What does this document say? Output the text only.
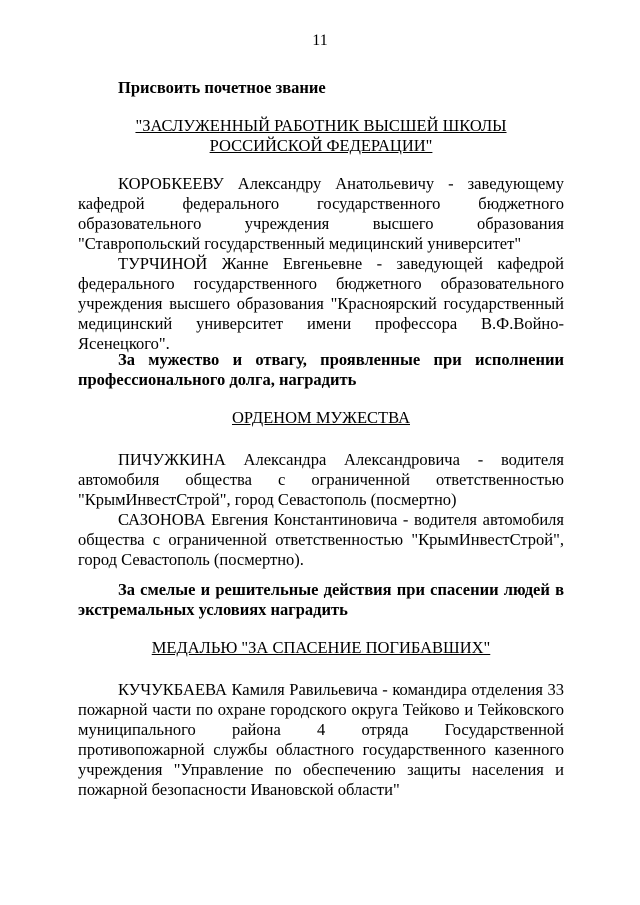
11
Присвоить почетное звание
"ЗАСЛУЖЕННЫЙ РАБОТНИК ВЫСШЕЙ ШКОЛЫ
РОССИЙСКОЙ ФЕДЕРАЦИИ"

КОРОБКЕЕВУ Александру Анатольевичу - заведующему кафедрой федерального государственного бюджетного образовательного учреждения высшего образования "Ставропольский государственный медицинский университет"

ТУРЧИНОЙ Жанне Евгеньевне - заведующей кафедрой федерального государственного бюджетного образовательного учреждения высшего образования "Красноярский государственный медицинский университет имени профессора В.Ф.Войно-Ясенецкого".

За мужество и отвагу, проявленные при исполнении профессионального долга, наградить

ОРДЕНОМ МУЖЕСТВА

ПИЧУЖКИНА Александра Александровича - водителя автомобиля общества с ограниченной ответственностью "КрымИнвестСтрой", город Севастополь (посмертно)

САЗОНОВА Евгения Константиновича - водителя автомобиля общества с ограниченной ответственностью "КрымИнвестСтрой", город Севастополь (посмертно).

За смелые и решительные действия при спасении людей в экстремальных условиях наградить

МЕДАЛЬЮ "ЗА СПАСЕНИЕ ПОГИБАВШИХ"

КУЧУКБАЕВА Камиля Равильевича - командира отделения 33 пожарной части по охране городского округа Тейково и Тейковского муниципального района 4 отряда Государственной противопожарной службы областного государственного казенного учреждения "Управление по обеспечению защиты населения и пожарной безопасности Ивановской области"
